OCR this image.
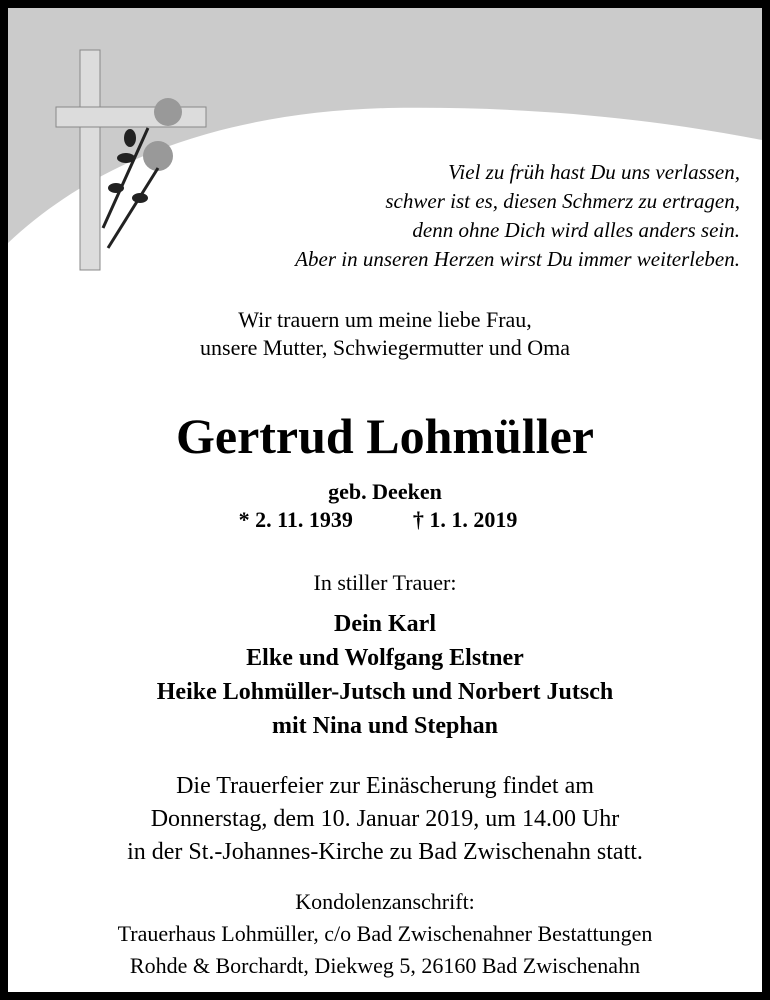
Viel zu früh hast Du uns verlassen,
schwer ist es, diesen Schmerz zu ertragen,
denn ohne Dich wird alles anders sein.
Aber in unseren Herzen wirst Du immer weiterleben.
Wir trauern um meine liebe Frau,
unsere Mutter, Schwiegermutter und Oma
Gertrud Lohmüller
geb. Deeken
* 2. 11. 1939	† 1. 1. 2019
In stiller Trauer:
Dein Karl
Elke und Wolfgang Elstner
Heike Lohmüller-Jutsch und Norbert Jutsch
mit Nina und Stephan
Die Trauerfeier zur Einäscherung findet am
Donnerstag, dem 10. Januar 2019, um 14.00 Uhr
in der St.-Johannes-Kirche zu Bad Zwischenahn statt.
Kondolenzanschrift:
Trauerhaus Lohmüller, c/o Bad Zwischenahner Bestattungen
Rohde & Borchardt, Diekweg 5, 26160 Bad Zwischenahn
